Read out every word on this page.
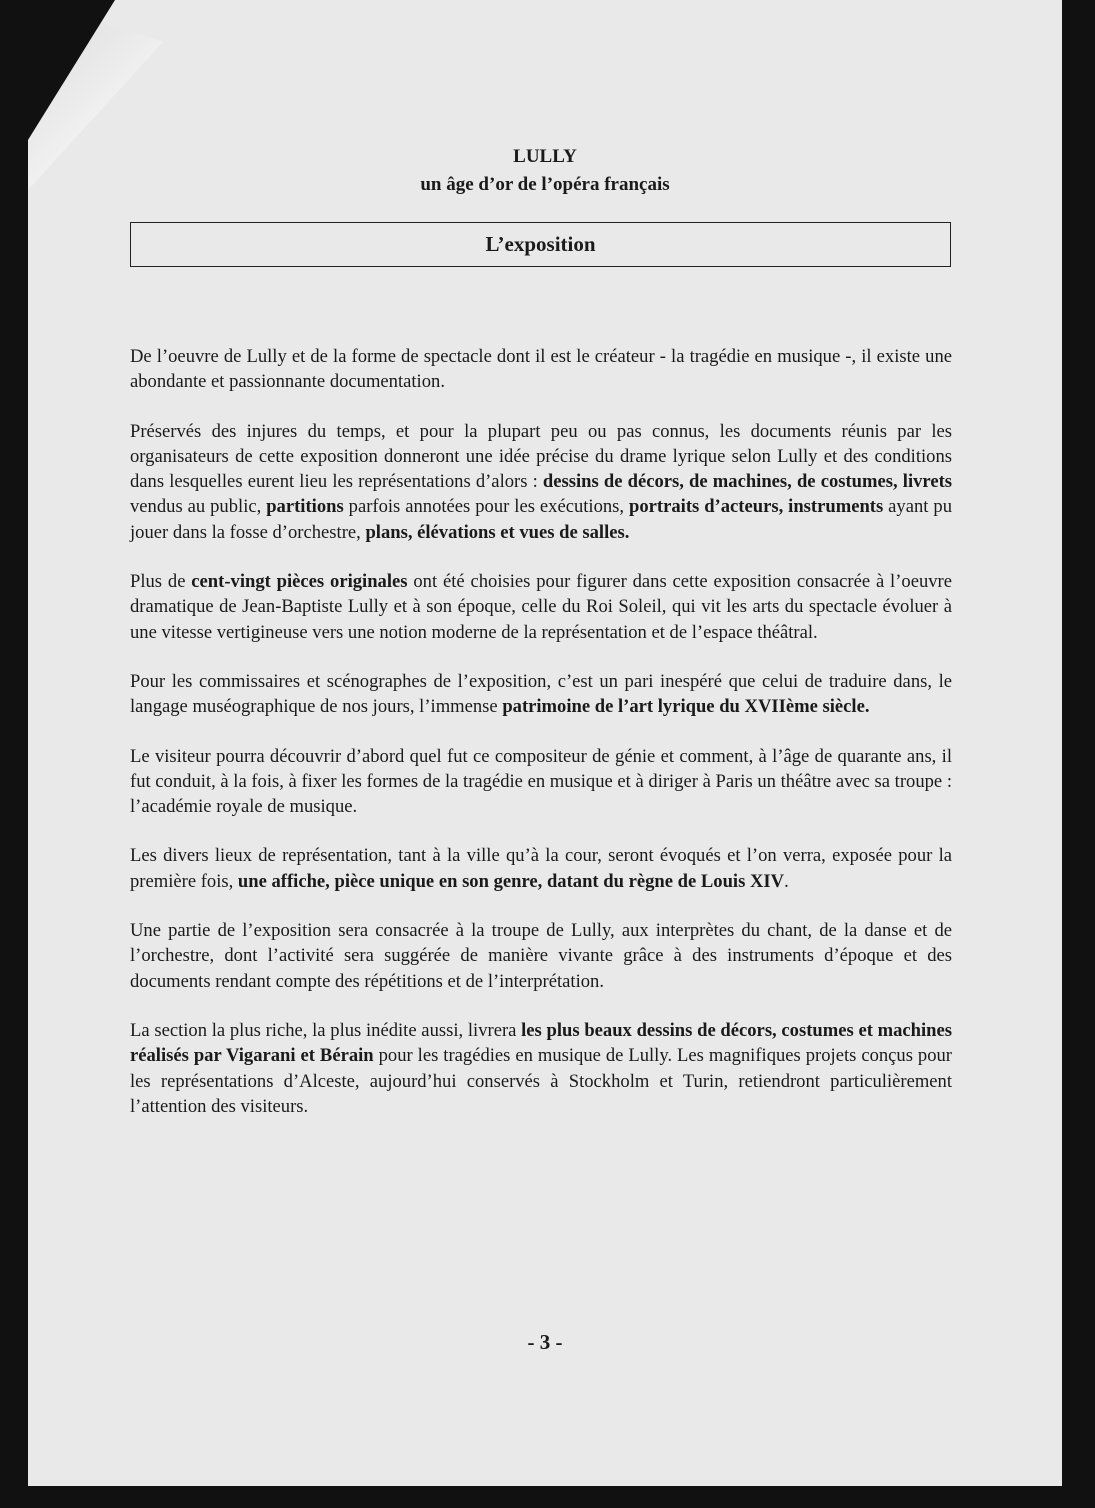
LULLY
un âge d’or de l’opéra français
L’exposition

De l’oeuvre de Lully et de la forme de spectacle dont il est le créateur - la tragédie en musique -, il existe une abondante et passionnante documentation.

Préservés des injures du temps, et pour la plupart peu ou pas connus, les documents réunis par les organisateurs de cette exposition donneront une idée précise du drame lyrique selon Lully et des conditions dans lesquelles eurent lieu les représentations d’alors : dessins de décors, de machines, de costumes, livrets vendus au public, partitions parfois annotées pour les exécutions, portraits d’acteurs, instruments ayant pu jouer dans la fosse d’orchestre, plans, élévations et vues de salles.

Plus de cent-vingt pièces originales ont été choisies pour figurer dans cette exposition consacrée à l’oeuvre dramatique de Jean-Baptiste Lully et à son époque, celle du Roi Soleil, qui vit les arts du spectacle évoluer à une vitesse vertigineuse vers une notion moderne de la représentation et de l’espace théâtral.

Pour les commissaires et scénographes de l’exposition, c’est un pari inespéré que celui de traduire dans, le langage muséographique de nos jours, l’immense patrimoine de l’art lyrique du XVIIème siècle.

Le visiteur pourra découvrir d’abord quel fut ce compositeur de génie et comment, à l’âge de quarante ans, il fut conduit, à la fois, à fixer les formes de la tragédie en musique et à diriger à Paris un théâtre avec sa troupe : l’académie royale de musique.

Les divers lieux de représentation, tant à la ville qu’à la cour, seront évoqués et l’on verra, exposée pour la première fois, une affiche, pièce unique en son genre, datant du règne de Louis XIV.

Une partie de l’exposition sera consacrée à la troupe de Lully, aux interprètes du chant, de la danse et de l’orchestre, dont l’activité sera suggérée de manière vivante grâce à des instruments d’époque et des documents rendant compte des répétitions et de l’interprétation.

La section la plus riche, la plus inédite aussi, livrera les plus beaux dessins de décors, costumes et machines réalisés par Vigarani et Bérain pour les tragédies en musique de Lully. Les magnifiques projets conçus pour les représentations d’Alceste, aujourd’hui conservés à Stockholm et Turin, retiendront particulièrement l’attention des visiteurs.

- 3 -
